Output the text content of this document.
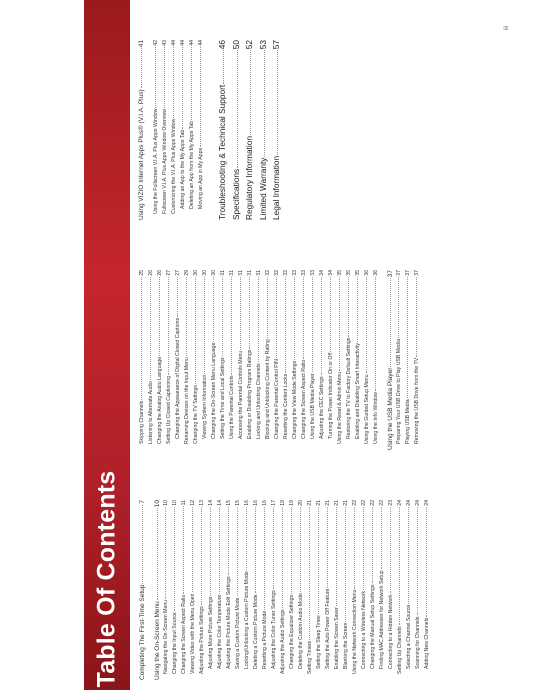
Table Of Contents
iii
Completing The First-Time Setup
7
Using the On-Screen Menu
10
Navigating the On-Screen Menu
10
Changing the Input Source
10
Changing the Screen Aspect Ratio
11
Viewing Video with the Menu Open
12
Adjusting the Picture Settings
13
Adjusting More Picture Settings
14
Adjusting the Color Temperature
14
Adjusting the Picture Mode Edit Settings
15
Saving a Custom Picture Mode
15
Locking/Unlocking a Custom Picture Mode
16
Deleting a Custom Picture Mode
16
Resetting a Picture Mode
16
Adjusting the Color Tuner Settings
17
Adjusting the Audio Settings
19
Changing the Equalizer Settings
19
Deleting the Custom Audio Mode
20
Setting Timers
21
Setting the Sleep Timer
21
Setting the Auto Power Off Feature
21
Enabling the Screen Saver
21
Blanking the Screen
21
Using the Network Connection Menu
22
Connecting to a Wireless Network
22
Changing the Manual Setup Settings
22
Finding MAC Addresses for Network Setup
22
Connecting to a Hidden Network
23
Setting Up Channels
24
Selecting a Channel Source
24
Scanning for Channels
24
Adding New Channels
24
Skipping Channels
25
Listening to Alternate Audio
26
Changing the Analog Audio Language
26
Setting Up Closed Captioning
27
Changing the Appearance of Digital Closed Captions
27
Renaming Devices on the Input Menu
29
Changing the TV Settings
30
Viewing System Information
30
Changing the On-Screen Menu Language
30
Setting the Time and Local Settings
31
Using the Parental Controls
31
Accessing the Parental Controls Menu
31
Enabling or Disabling Program Ratings
31
Locking and Unlocking Channels
31
Blocking and Unblocking Content by Rating
32
Changing the Parental Control PIN
32
Resetting the Content Locks
32
Changing the View Mode Settings
33
Changing the Screen Aspect Ratio
33
Using the USB Media Player
33
Adjusting the CEC Settings
34
Turning the Power Indicator On or Off
34
Using the Reset & Admin Menu
35
Restoring the TV to Factory Default Settings
35
Enabling and Disabling Smart Interactivity
35
Using the Guided Setup Menu
36
Using the Info Window
36
Using the USB Media Player
37
Preparing Your USB Drive to Play USB Media
37
Playing USB Media
37
Removing the USB Drive from the TV
37
Using VIZIO Internet Apps Plus® (V.I.A. Plus)
41
Using the Fullscreen V.I.A. Plus Apps Window
42
Fullscreen V.I.A. Plus Apps Window Overview
43
Customizing the V.I.A. Plus Apps Window
44
Adding an App to the My Apps Tab
44
Deleting an App from the My Apps Tab
44
Moving an App in My Apps
44
Troubleshooting & Technical Support
46
Specifications
50
Regulatory Information
52
Limited Warranty
53
Legal Information
57
